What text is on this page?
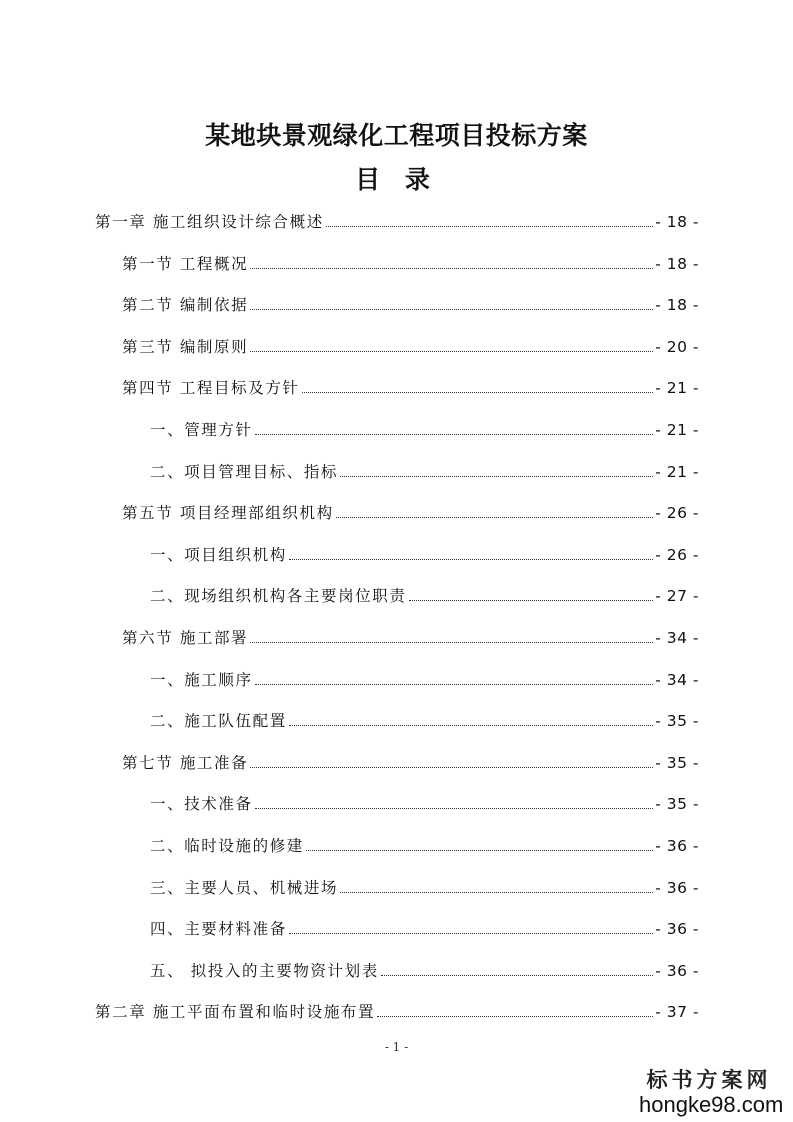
某地块景观绿化工程项目投标方案
目 录
第一章 施工组织设计综合概述	- 18 -
第一节 工程概况	- 18 -
第二节 编制依据	- 18 -
第三节 编制原则	- 20 -
第四节 工程目标及方针	- 21 -
一、管理方针	- 21 -
二、项目管理目标、指标	- 21 -
第五节 项目经理部组织机构	- 26 -
一、项目组织机构	- 26 -
二、现场组织机构各主要岗位职责	- 27 -
第六节 施工部署	- 34 -
一、施工顺序	- 34 -
二、施工队伍配置	- 35 -
第七节 施工准备	- 35 -
一、技术准备	- 35 -
二、临时设施的修建	- 36 -
三、主要人员、机械进场	- 36 -
四、主要材料准备	- 36 -
五、 拟投入的主要物资计划表	- 36 -
第二章 施工平面布置和临时设施布置	- 37 -
- 1 -
标书方案网
hongke98.com
